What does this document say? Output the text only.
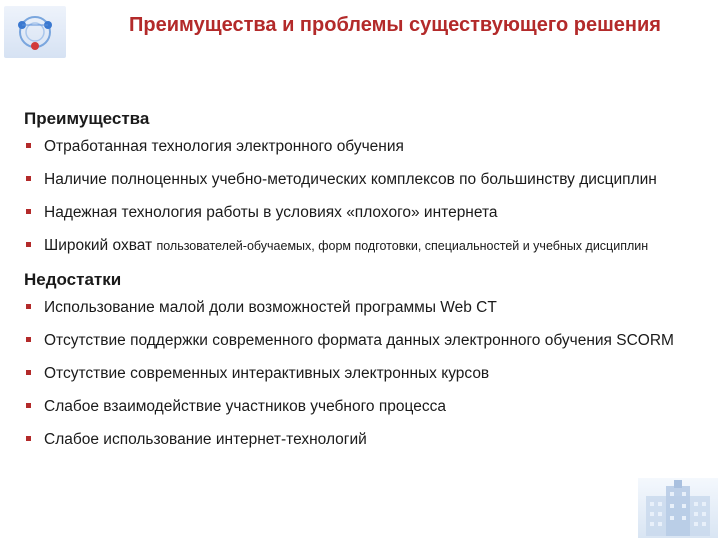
Преимущества и проблемы существующего решения
Преимущества
Отработанная технология электронного обучения
Наличие полноценных учебно-методических комплексов по большинству дисциплин
Надежная технология работы в условиях «плохого» интернета
Широкий охват пользователей-обучаемых, форм подготовки, специальностей и учебных дисциплин
Недостатки
Использование малой доли возможностей программы Web CT
Отсутствие поддержки современного формата данных электронного обучения SCORM
Отсутствие современных интерактивных электронных курсов
Слабое взаимодействие участников учебного процесса
Слабое использование интернет-технологий
